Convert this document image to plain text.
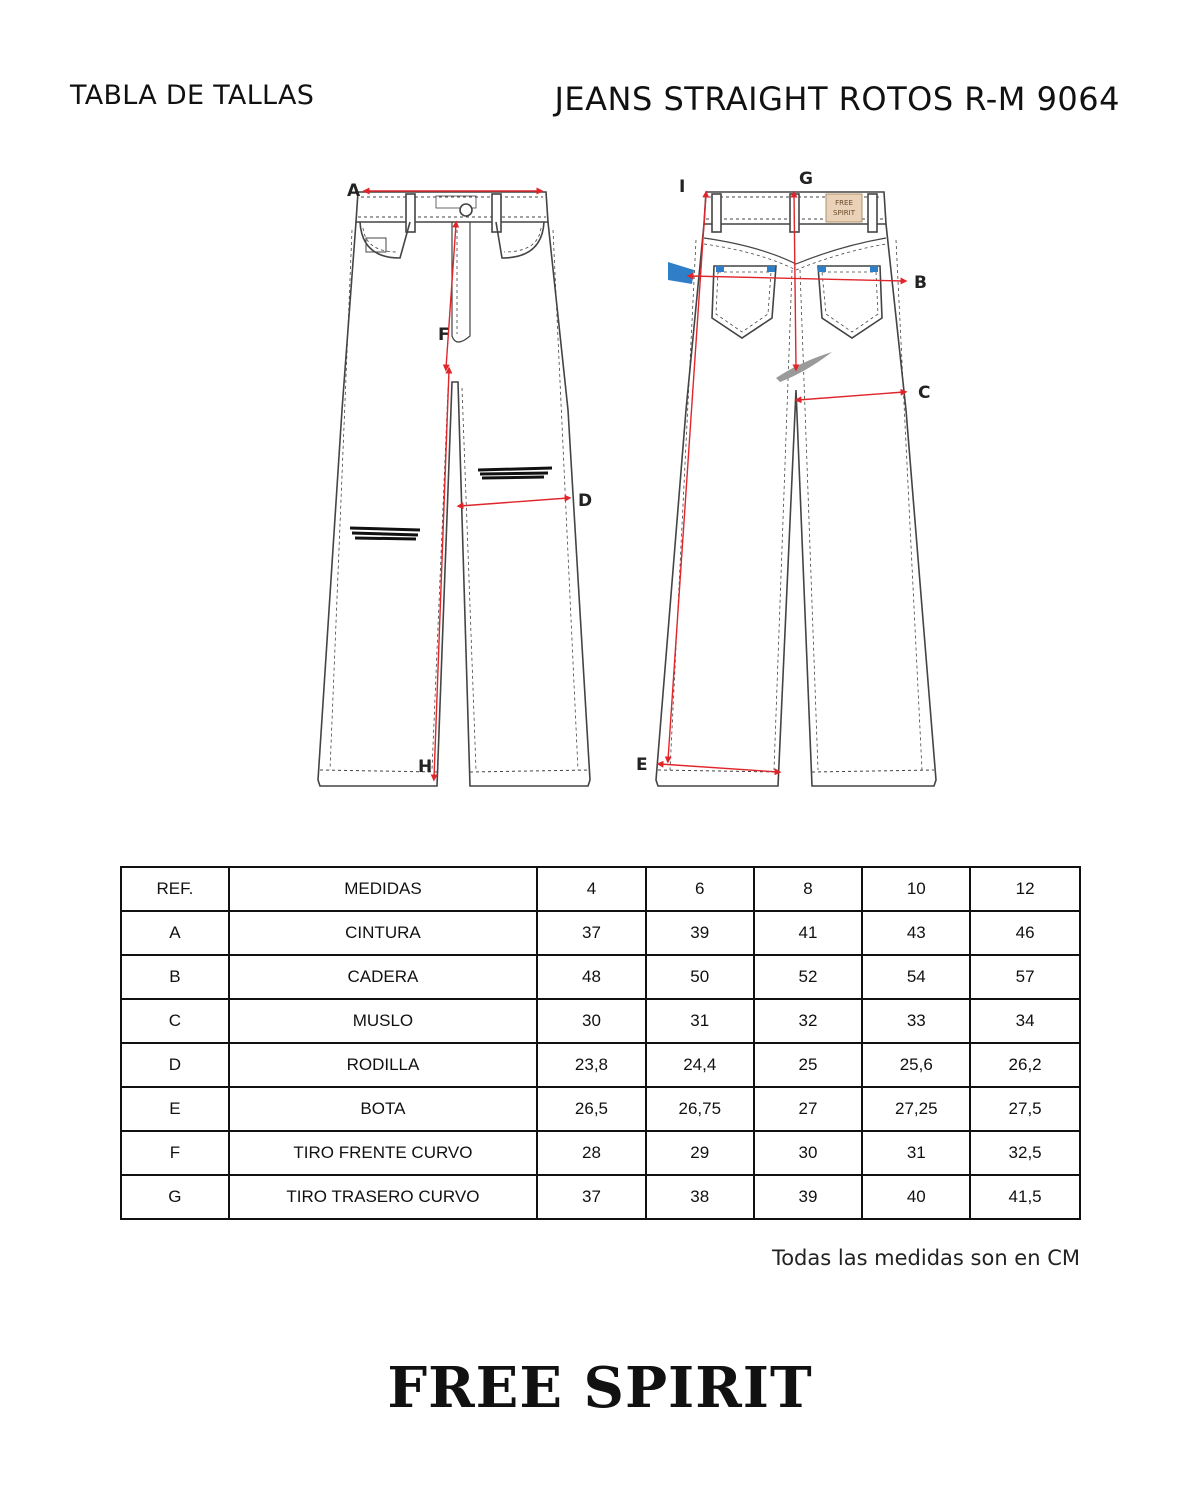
TABLA DE TALLAS	JEANS STRAIGHT ROTOS R-M 9064
A
F
D
H
I	G
B
C
E
FREE
SPIRIT
REF.	MEDIDAS	4	6	8	10	12
A	CINTURA	37	39	41	43	46
B	CADERA	48	50	52	54	57
C	MUSLO	30	31	32	33	34
D	RODILLA	23,8	24,4	25	25,6	26,2
E	BOTA	26,5	26,75	27	27,25	27,5
F	TIRO FRENTE CURVO	28	29	30	31	32,5
G	TIRO TRASERO CURVO	37	38	39	40	41,5
Todas las medidas son en CM
FREE SPIRIT
